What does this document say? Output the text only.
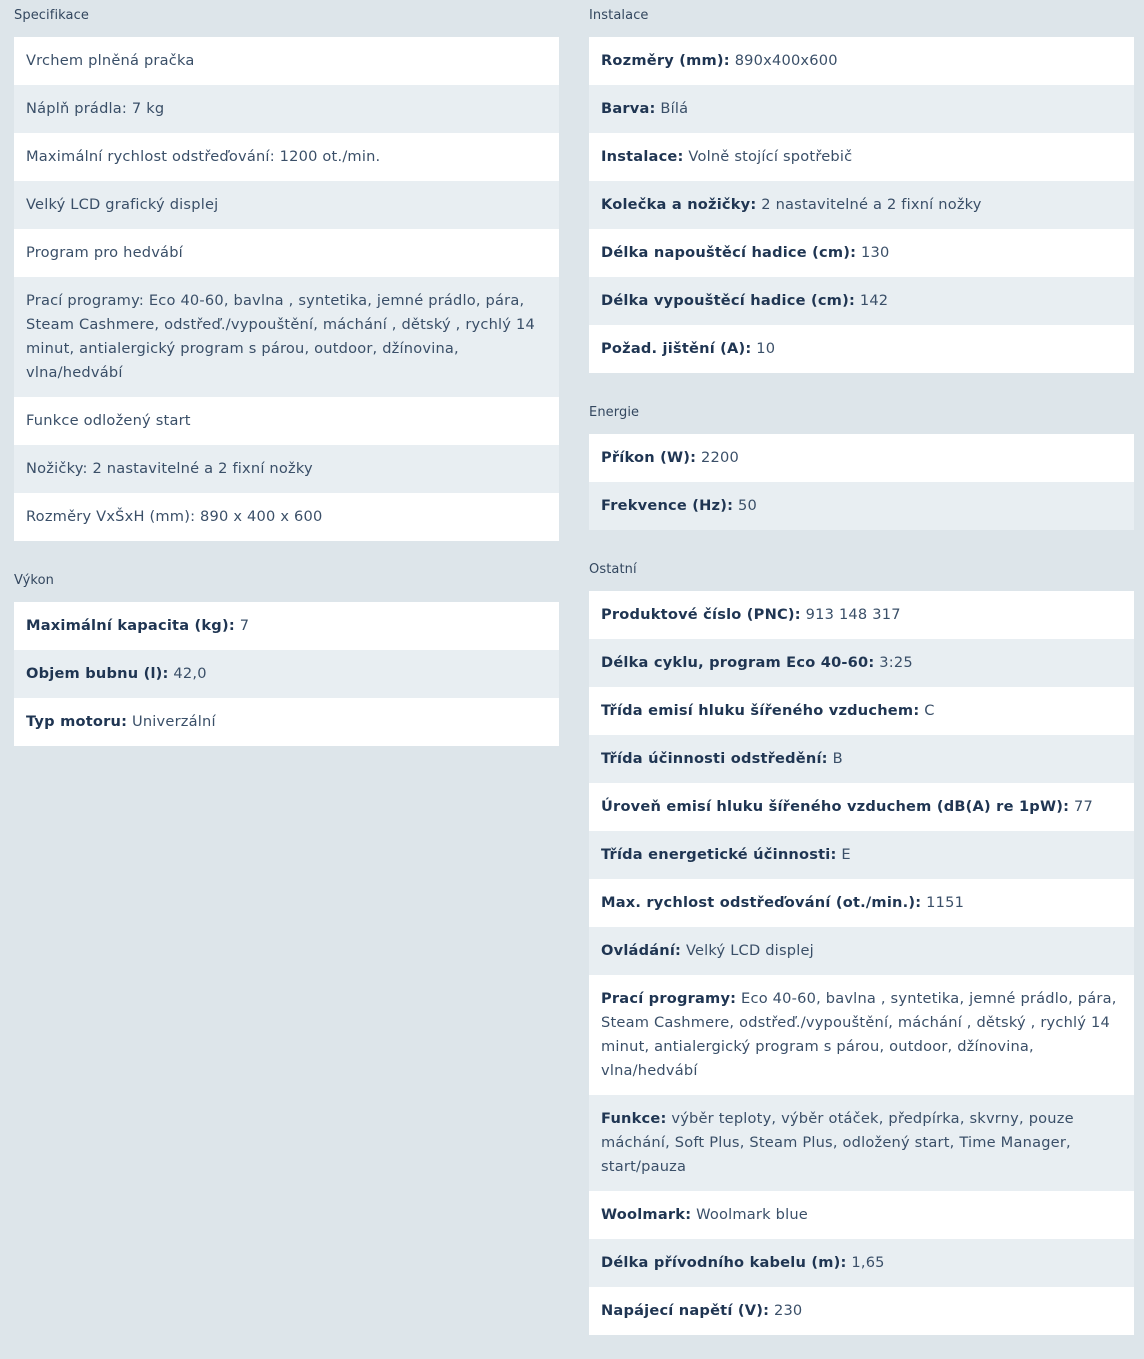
Specifikace
Vrchem plněná pračka
Náplň prádla: 7 kg
Maximální rychlost odstřeďování: 1200 ot./min.
Velký LCD grafický displej
Program pro hedvábí
Prací programy: Eco 40-60, bavlna , syntetika, jemné prádlo, pára, Steam Cashmere, odstřeď./vypouštění, máchání , dětský , rychlý 14 minut, antialergický program s párou, outdoor, džínovina, vlna/hedvábí
Funkce odložený start
Nožičky: 2 nastavitelné a 2 fixní nožky
Rozměry VxŠxH (mm): 890 x 400 x 600
Výkon
Maximální kapacita (kg): 7
Objem bubnu (l): 42,0
Typ motoru: Univerzální
Instalace
Rozměry (mm): 890x400x600
Barva: Bílá
Instalace: Volně stojící spotřebič
Kolečka a nožičky: 2 nastavitelné a 2 fixní nožky
Délka napouštěcí hadice (cm): 130
Délka vypouštěcí hadice (cm): 142
Požad. jištění (A): 10
Energie
Příkon (W): 2200
Frekvence (Hz): 50
Ostatní
Produktové číslo (PNC): 913 148 317
Délka cyklu, program Eco 40-60: 3:25
Třída emisí hluku šířeného vzduchem: C
Třída účinnosti odstředění: B
Úroveň emisí hluku šířeného vzduchem (dB(A) re 1pW): 77
Třída energetické účinnosti: E
Max. rychlost odstřeďování (ot./min.): 1151
Ovládání: Velký LCD displej
Prací programy: Eco 40-60, bavlna , syntetika, jemné prádlo, pára, Steam Cashmere, odstřeď./vypouštění, máchání , dětský , rychlý 14 minut, antialergický program s párou, outdoor, džínovina, vlna/hedvábí
Funkce: výběr teploty, výběr otáček, předpírka, skvrny, pouze máchání, Soft Plus, Steam Plus, odložený start, Time Manager, start/pauza
Woolmark: Woolmark blue
Délka přívodního kabelu (m): 1,65
Napájecí napětí (V): 230
